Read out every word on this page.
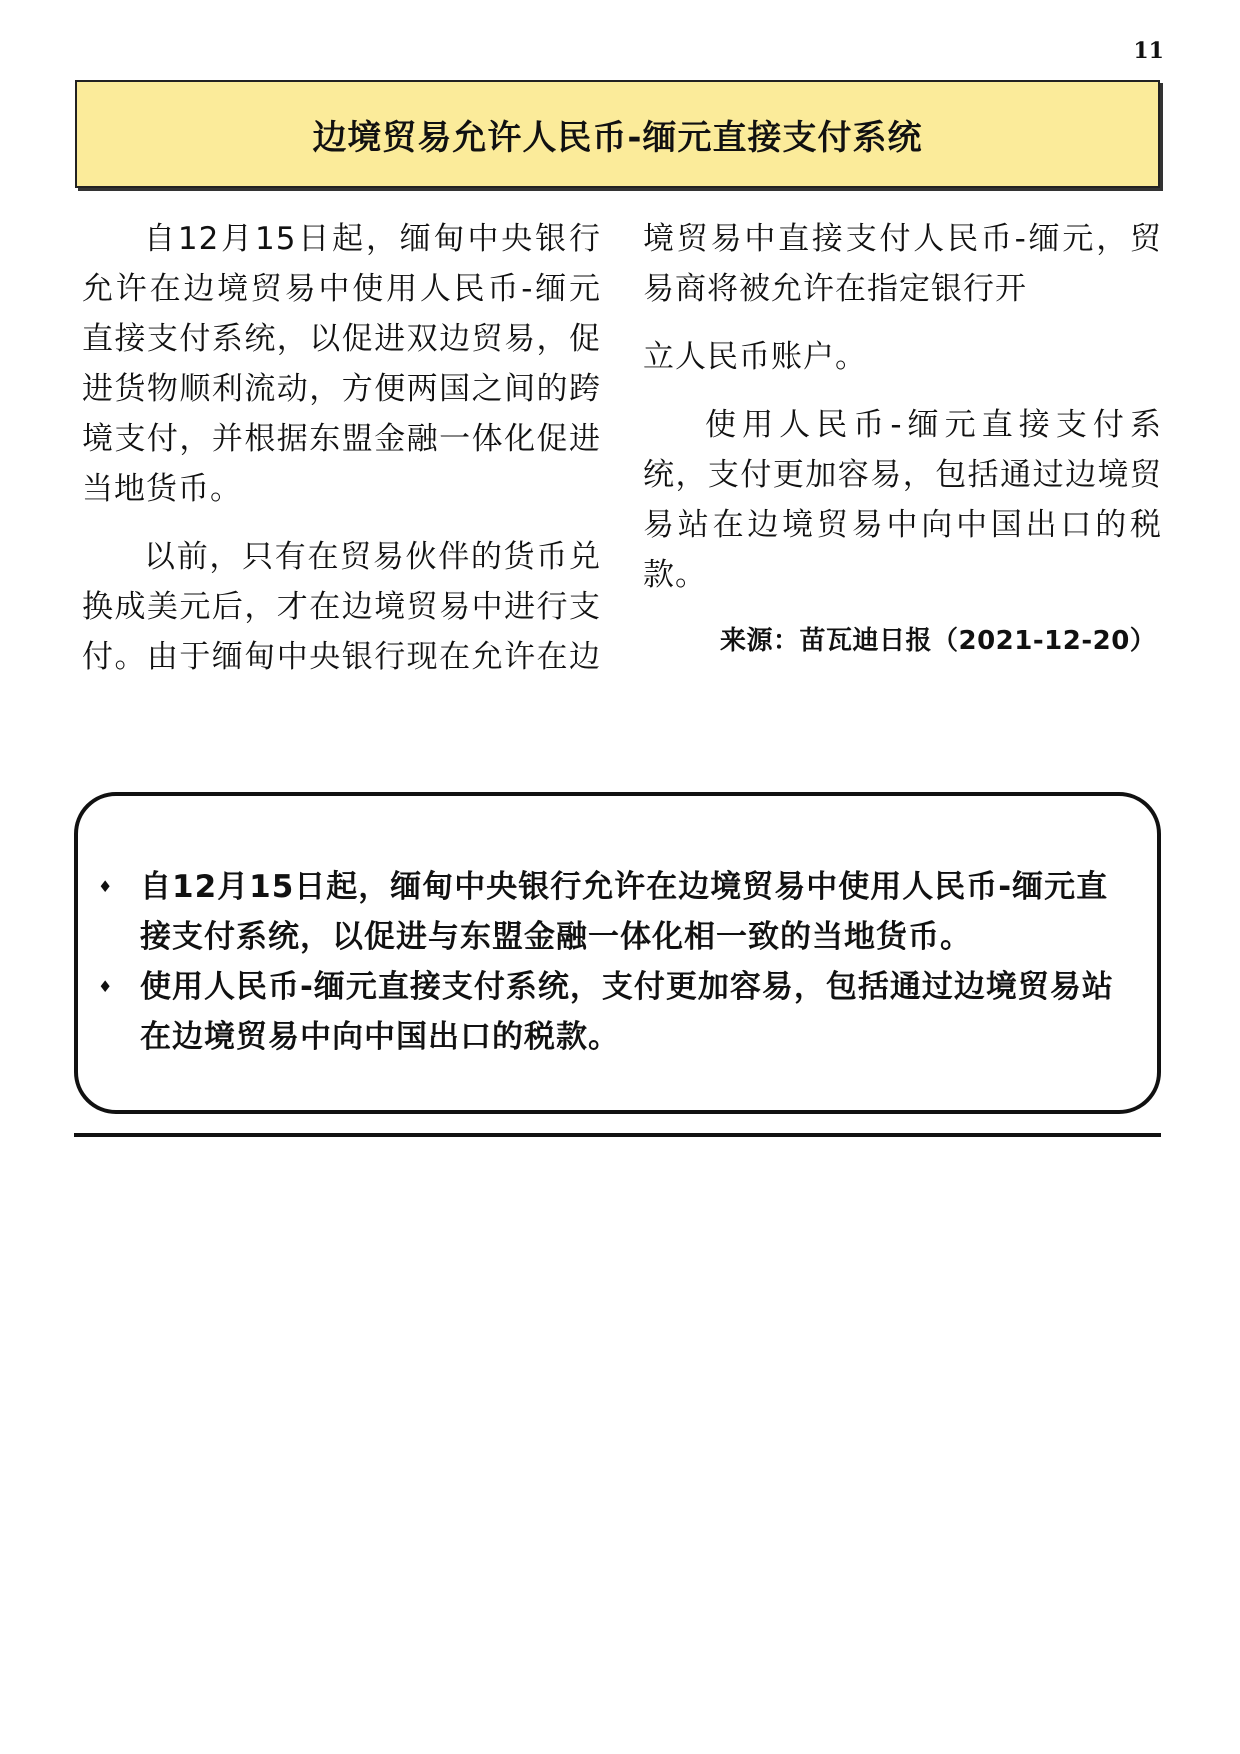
11
边境贸易允许人民币-缅元直接支付系统

自12月15日起，缅甸中央银行允许在边境贸易中使用人民币-缅元直接支付系统，以促进双边贸易，促进货物顺利流动，方便两国之间的跨境支付，并根据东盟金融一体化促进当地货币。

以前，只有在贸易伙伴的货币兑换成美元后，才在边境贸易中进行支付。由于缅甸中央银行现在允许在边境贸易中直接支付人民币-缅元，贸易商将被允许在指定银行开

立人民币账户。

使用人民币-缅元直接支付系统，支付更加容易，包括通过边境贸易站在边境贸易中向中国出口的税款。

来源：苗瓦迪日报（2021-12-20）
♦ 自12月15日起，缅甸中央银行允许在边境贸易中使用人民币-缅元直接支付系统，以促进与东盟金融一体化相一致的当地货币。
♦ 使用人民币-缅元直接支付系统，支付更加容易，包括通过边境贸易站在边境贸易中向中国出口的税款。
